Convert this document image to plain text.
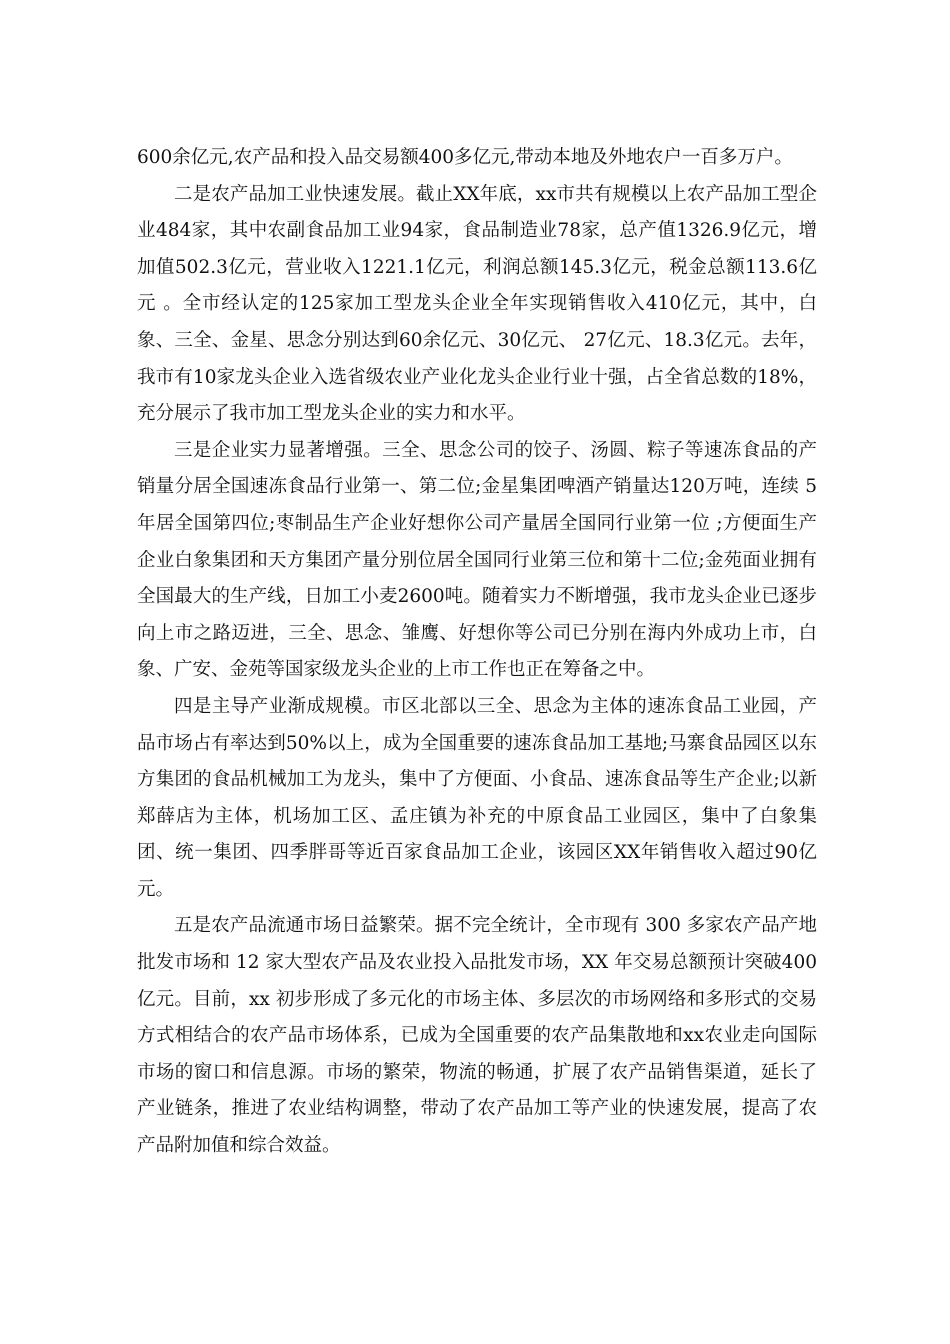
600余亿元,农产品和投入品交易额400多亿元,带动本地及外地农户一百多万户。

二是农产品加工业快速发展。截止XX年底，xx市共有规模以上农产品加工型企业484家，其中农副食品加工业94家，食品制造业78家，总产值1326.9亿元，增加值502.3亿元，营业收入1221.1亿元，利润总额145.3亿元，税金总额113.6亿元 。全市经认定的125家加工型龙头企业全年实现销售收入410亿元，其中，白象、三全、金星、思念分别达到60余亿元、30亿元、 27亿元、18.3亿元。去年，我市有10家龙头企业入选省级农业产业化龙头企业行业十强，占全省总数的18%，充分展示了我市加工型龙头企业的实力和水平。

三是企业实力显著增强。三全、思念公司的饺子、汤圆、粽子等速冻食品的产销量分居全国速冻食品行业第一、第二位;金星集团啤酒产销量达120万吨，连续 5 年居全国第四位;枣制品生产企业好想你公司产量居全国同行业第一位 ;方便面生产企业白象集团和天方集团产量分别位居全国同行业第三位和第十二位;金苑面业拥有全国最大的生产线，日加工小麦2600吨。随着实力不断增强，我市龙头企业已逐步向上市之路迈进，三全、思念、雏鹰、好想你等公司已分别在海内外成功上市，白象、广安、金苑等国家级龙头企业的上市工作也正在筹备之中。

四是主导产业渐成规模。市区北部以三全、思念为主体的速冻食品工业园，产品市场占有率达到50%以上，成为全国重要的速冻食品加工基地;马寨食品园区以东方集团的食品机械加工为龙头，集中了方便面、小食品、速冻食品等生产企业;以新郑薛店为主体，机场加工区、孟庄镇为补充的中原食品工业园区，集中了白象集团、统一集团、四季胖哥等近百家食品加工企业，该园区XX年销售收入超过90亿元。

五是农产品流通市场日益繁荣。据不完全统计，全市现有 300 多家农产品产地批发市场和 12 家大型农产品及农业投入品批发市场，XX 年交易总额预计突破400 亿元。目前，xx 初步形成了多元化的市场主体、多层次的市场网络和多形式的交易方式相结合的农产品市场体系，已成为全国重要的农产品集散地和xx农业走向国际市场的窗口和信息源。市场的繁荣，物流的畅通，扩展了农产品销售渠道，延长了产业链条，推进了农业结构调整，带动了农产品加工等产业的快速发展，提高了农产品附加值和综合效益。
